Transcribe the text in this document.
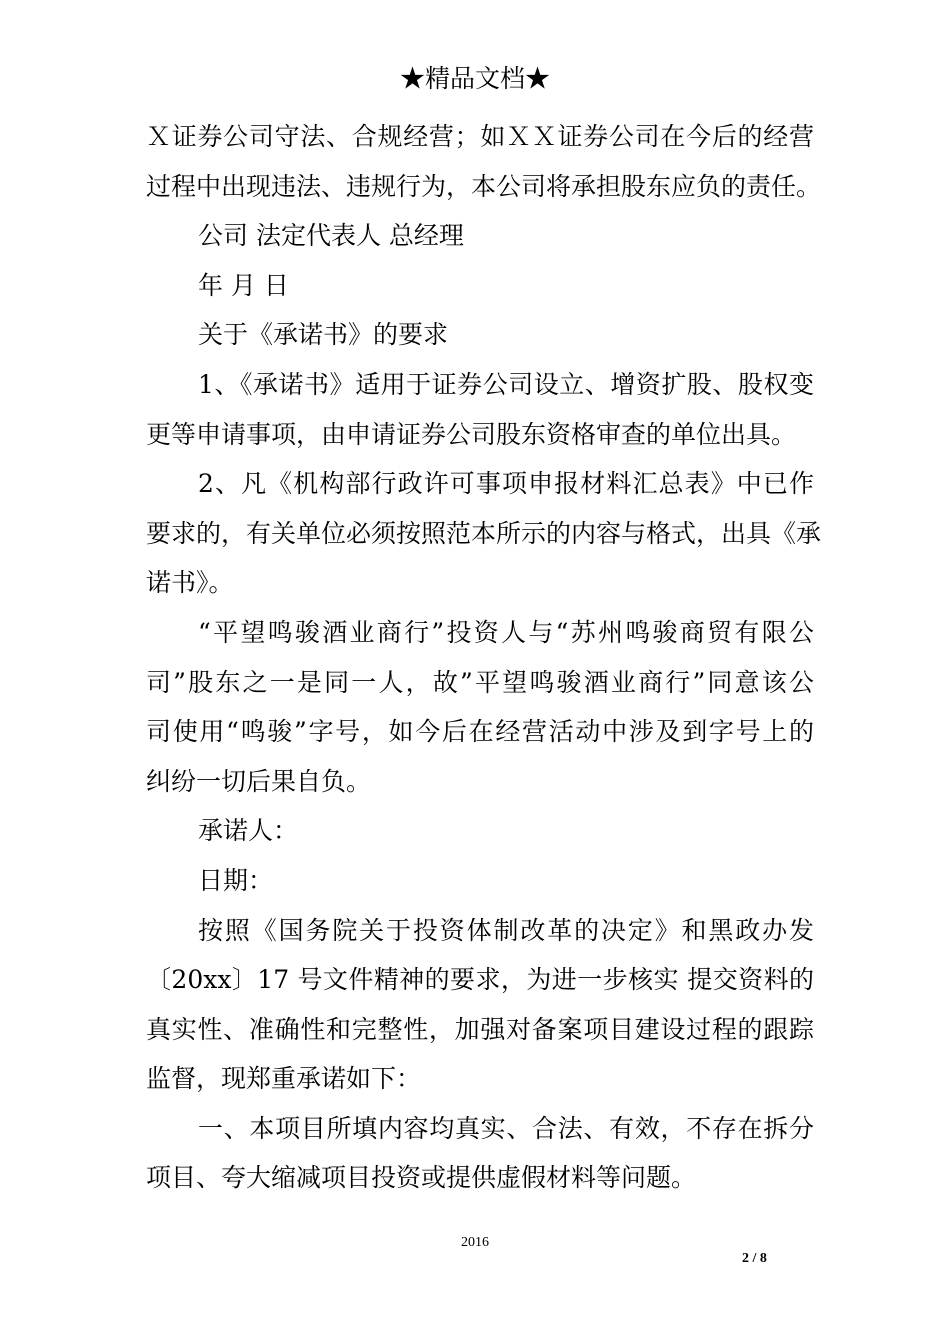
★精品文档★
Ｘ证券公司守法、合规经营；如ＸＸ证券公司在今后的经营
过程中出现违法、违规行为，本公司将承担股东应负的责任。
公司 法定代表人 总经理
年 月 日
关于《承诺书》的要求
1、《承诺书》适用于证券公司设立、增资扩股、股权变
更等申请事项，由申请证券公司股东资格审查的单位出具。
2、凡《机构部行政许可事项申报材料汇总表》中已作
要求的，有关单位必须按照范本所示的内容与格式，出具《承
诺书》。
“平望鸣骏酒业商行”投资人与“苏州鸣骏商贸有限公
司”股东之一是同一人，故”平望鸣骏酒业商行”同意该公
司使用“鸣骏”字号，如今后在经营活动中涉及到字号上的
纠纷一切后果自负。
承诺人：
日期：
按照《国务院关于投资体制改革的决定》和黑政办发
〔20xx〕17 号文件精神的要求，为进一步核实 提交资料的
真实性、准确性和完整性，加强对备案项目建设过程的跟踪
监督，现郑重承诺如下：
一、本项目所填内容均真实、合法、有效，不存在拆分
项目、夸大缩减项目投资或提供虚假材料等问题。
2016
2 / 8
